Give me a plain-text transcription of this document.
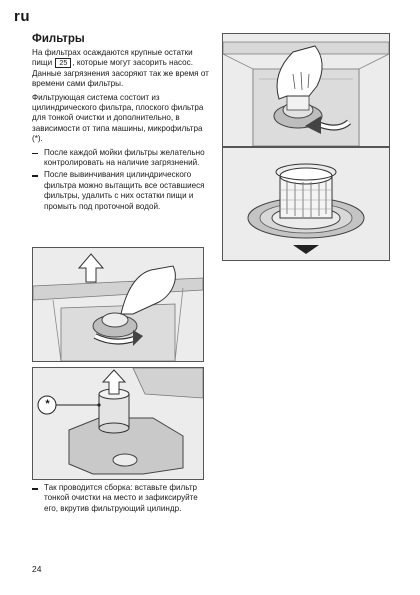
ru
Фильтры

На фильтрах осаждаются крупные остатки пищи 25 , которые могут засорить насос. Данные загрязнения засоряют так же время от времени сами фильтры.

Фильтрующая система состоит из цилиндрического фильтра, плоского фильтра для тонкой очистки и дополнительно, в зависимости от типа машины, микрофильтра (*).

После каждой мойки фильтры желательно контролировать на наличие загрязнений.
После вывинчивания цилиндрического фильтра можно вытащить все оставшиеся фильтры, удалить с них остатки пищи и промыть под проточной водой.
*
Так проводится сборка: вставьте фильтр тонкой очистки на место и зафиксируйте его, вкрутив фильтрующий цилиндр.
24
